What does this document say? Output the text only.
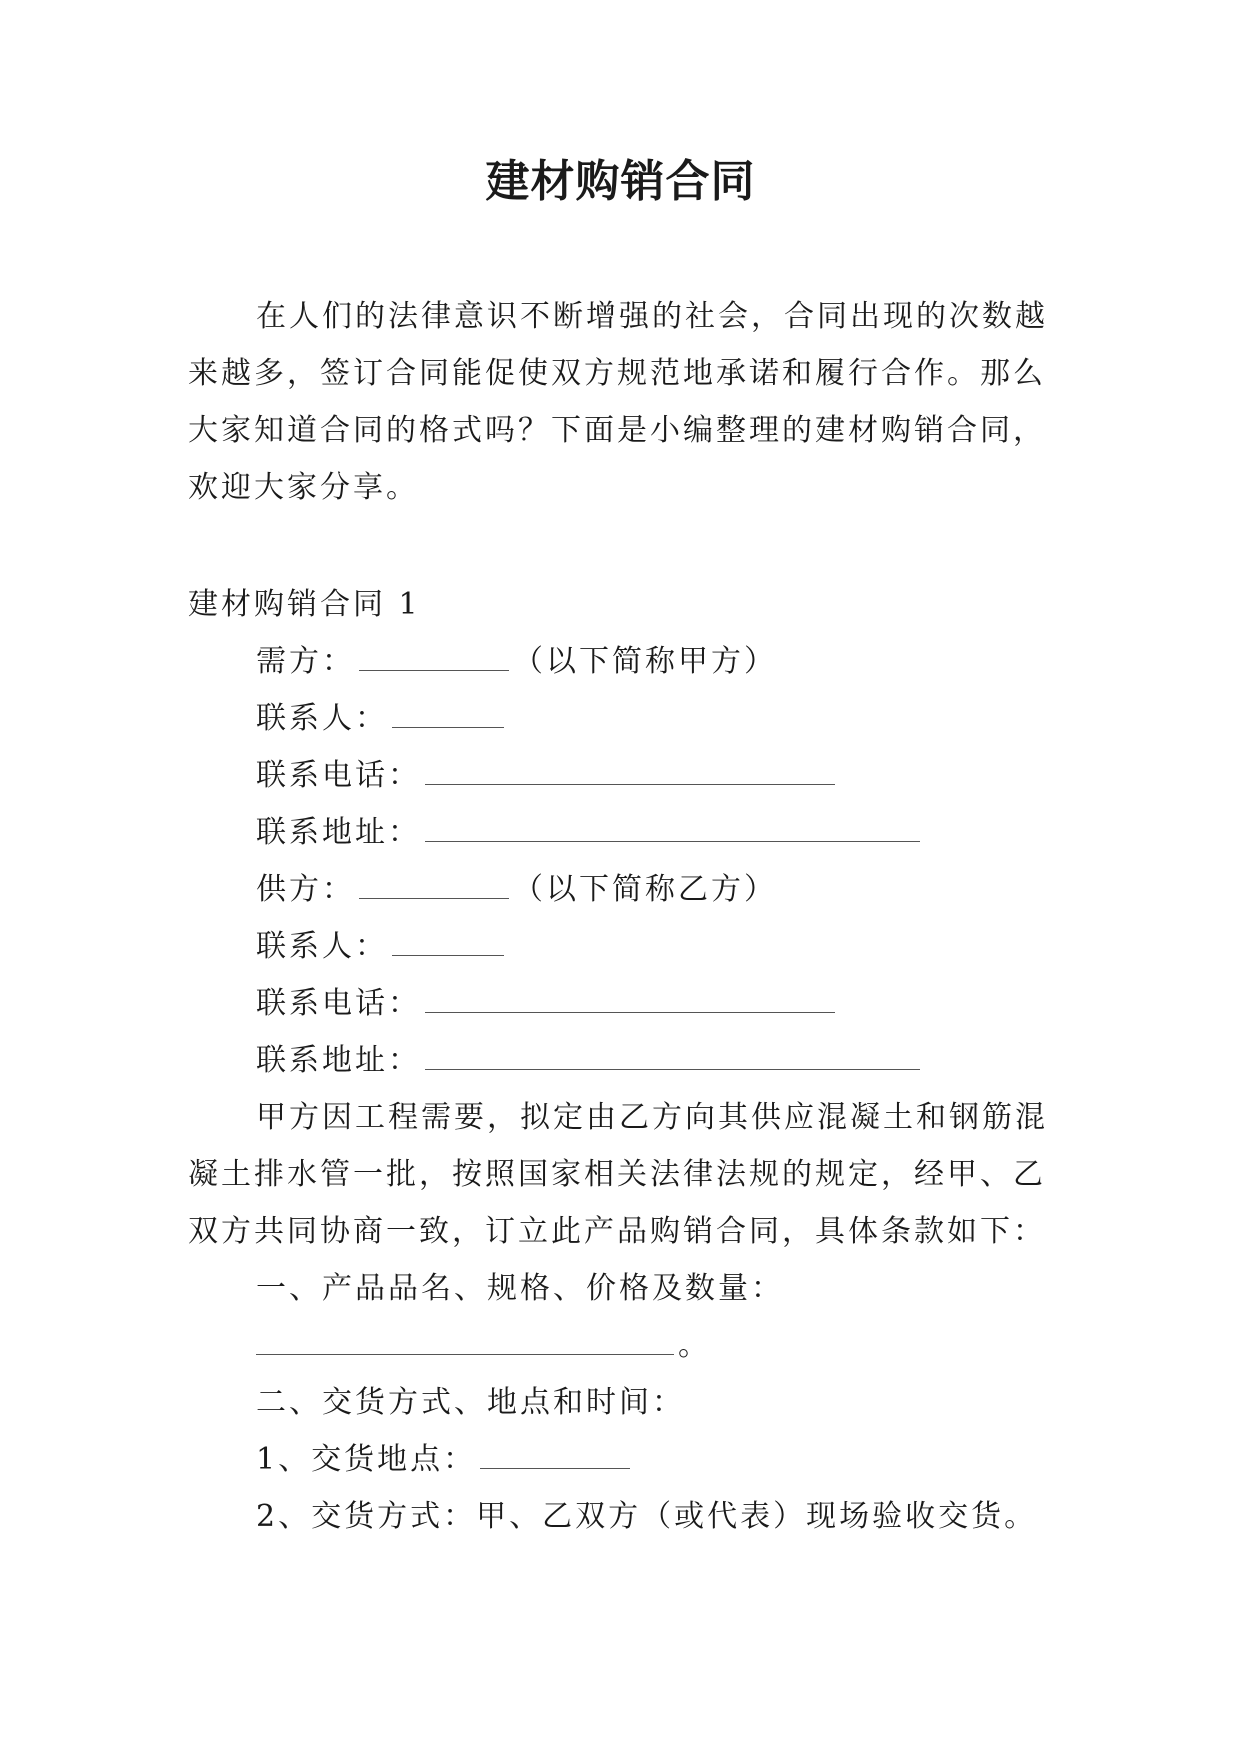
建材购销合同

在人们的法律意识不断增强的社会，合同出现的次数越来越多，签订合同能促使双方规范地承诺和履行合作。那么大家知道合同的格式吗？下面是小编整理的建材购销合同，欢迎大家分享。

建材购销合同 1
需方：	（以下简称甲方）
联系人：
联系电话：
联系地址：
供方：	（以下简称乙方）
联系人：
联系电话：
联系地址：
甲方因工程需要，拟定由乙方向其供应混凝土和钢筋混凝土排水管一批，按照国家相关法律法规的规定，经甲、乙双方共同协商一致，订立此产品购销合同，具体条款如下：
一、产品品名、规格、价格及数量：
。
二、交货方式、地点和时间：
1、交货地点：
2、交货方式：甲、乙双方（或代表）现场验收交货。
